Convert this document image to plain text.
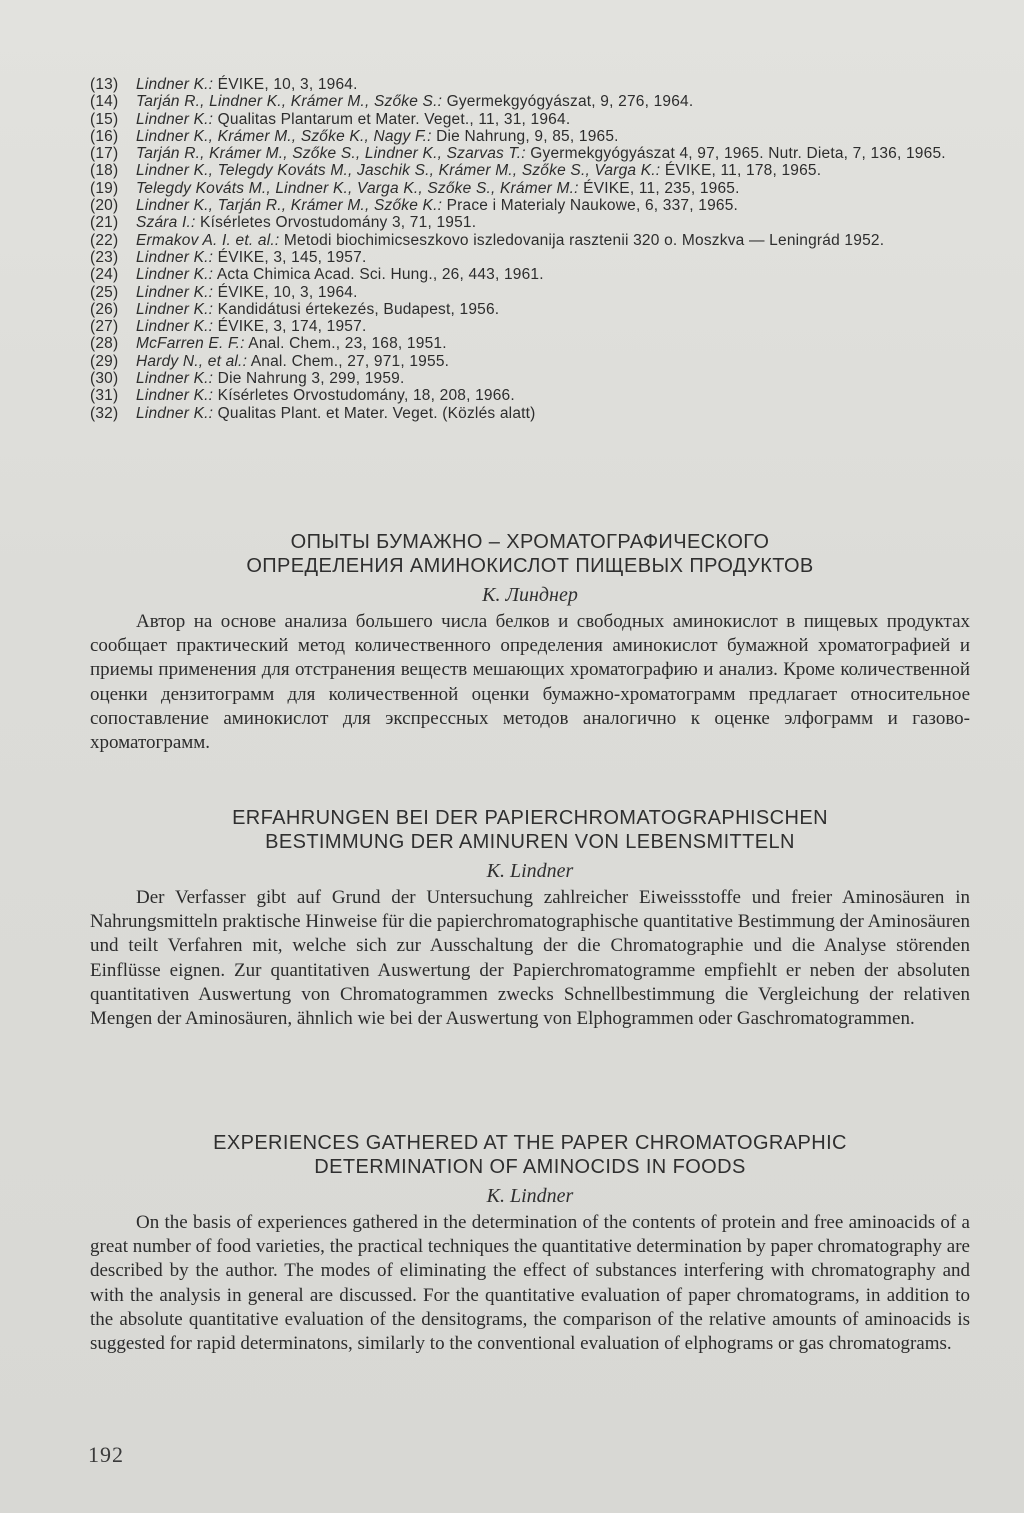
(13)	Lindner K.: ÉVIKE, 10, 3, 1964.
(14)	Tarján R., Lindner K., Krámer M., Szőke S.: Gyermekgyógyászat, 9, 276, 1964.
(15)	Lindner K.: Qualitas Plantarum et Mater. Veget., 11, 31, 1964.
(16)	Lindner K., Krámer M., Szőke K., Nagy F.: Die Nahrung, 9, 85, 1965.
(17)	Tarján R., Krámer M., Szőke S., Lindner K., Szarvas T.: Gyermekgyógyászat 4, 97, 1965. Nutr. Dieta, 7, 136, 1965.
(18)	Lindner K., Telegdy Kováts M., Jaschik S., Krámer M., Szőke S., Varga K.: ÉVIKE, 11, 178, 1965.
(19)	Telegdy Kováts M., Lindner K., Varga K., Szőke S., Krámer M.: ÉVIKE, 11, 235, 1965.
(20)	Lindner K., Tarján R., Krámer M., Szőke K.: Prace i Materialy Naukowe, 6, 337, 1965.
(21)	Szára I.: Kísérletes Orvostudomány 3, 71, 1951.
(22)	Ermakov A. I. et. al.: Metodi biochimicseszkovo iszledovanija rasztenii 320 o. Moszkva — Leningrád 1952.
(23)	Lindner K.: ÉVIKE, 3, 145, 1957.
(24)	Lindner K.: Acta Chimica Acad. Sci. Hung., 26, 443, 1961.
(25)	Lindner K.: ÉVIKE, 10, 3, 1964.
(26)	Lindner K.: Kandidátusi értekezés, Budapest, 1956.
(27)	Lindner K.: ÉVIKE, 3, 174, 1957.
(28)	McFarren E. F.: Anal. Chem., 23, 168, 1951.
(29)	Hardy N., et al.: Anal. Chem., 27, 971, 1955.
(30)	Lindner K.: Die Nahrung 3, 299, 1959.
(31)	Lindner K.: Kísérletes Orvostudomány, 18, 208, 1966.
(32)	Lindner K.: Qualitas Plant. et Mater. Veget. (Közlés alatt)
ОПЫТЫ БУМАЖНО – ХРОМАТОГРАФИЧЕСКОГО
ОПРЕДЕЛЕНИЯ АМИНОКИСЛОТ ПИЩЕВЫХ ПРОДУКТОВ
К. Линднер
Автор на основе анализа большего числа белков и свободных аминокислот в пищевых продуктах сообщает практический метод количественного определения аминокислот бумажной хроматографией и приемы применения для отстранения веществ мешающих хроматографию и анализ. Кроме количественной оценки дензитограмм для количественной оценки бумажно-хроматограмм предлагает относительное сопоставление аминокислот для экспрессных методов аналогично к оценке элфограмм и газово-хроматограмм.
ERFAHRUNGEN BEI DER PAPIERCHROMATOGRAPHISCHEN
BESTIMMUNG DER AMINUREN VON LEBENSMITTELN
K. Lindner
Der Verfasser gibt auf Grund der Untersuchung zahlreicher Eiweissstoffe und freier Aminosäuren in Nahrungsmitteln praktische Hinweise für die papierchromatographische quantitative Bestimmung der Aminosäuren und teilt Verfahren mit, welche sich zur Ausschaltung der die Chromatographie und die Analyse störenden Einflüsse eignen. Zur quantitativen Auswertung der Papierchromatogramme empfiehlt er neben der absoluten quantitativen Auswertung von Chromatogrammen zwecks Schnellbestimmung die Vergleichung der relativen Mengen der Aminosäuren, ähnlich wie bei der Auswertung von Elphogrammen oder Gaschromatogrammen.
EXPERIENCES GATHERED AT THE PAPER CHROMATOGRAPHIC
DETERMINATION OF AMINOCIDS IN FOODS
K. Lindner
On the basis of experiences gathered in the determination of the contents of protein and free aminoacids of a great number of food varieties, the practical techniques the quantitative determination by paper chromatography are described by the author. The modes of eliminating the effect of substances interfering with chromatography and with the analysis in general are discussed. For the quantitative evaluation of paper chromatograms, in addition to the absolute quantitative evaluation of the densitograms, the comparison of the relative amounts of aminoacids is suggested for rapid determinatons, similarly to the conventional evaluation of elphograms or gas chromatograms.
192
